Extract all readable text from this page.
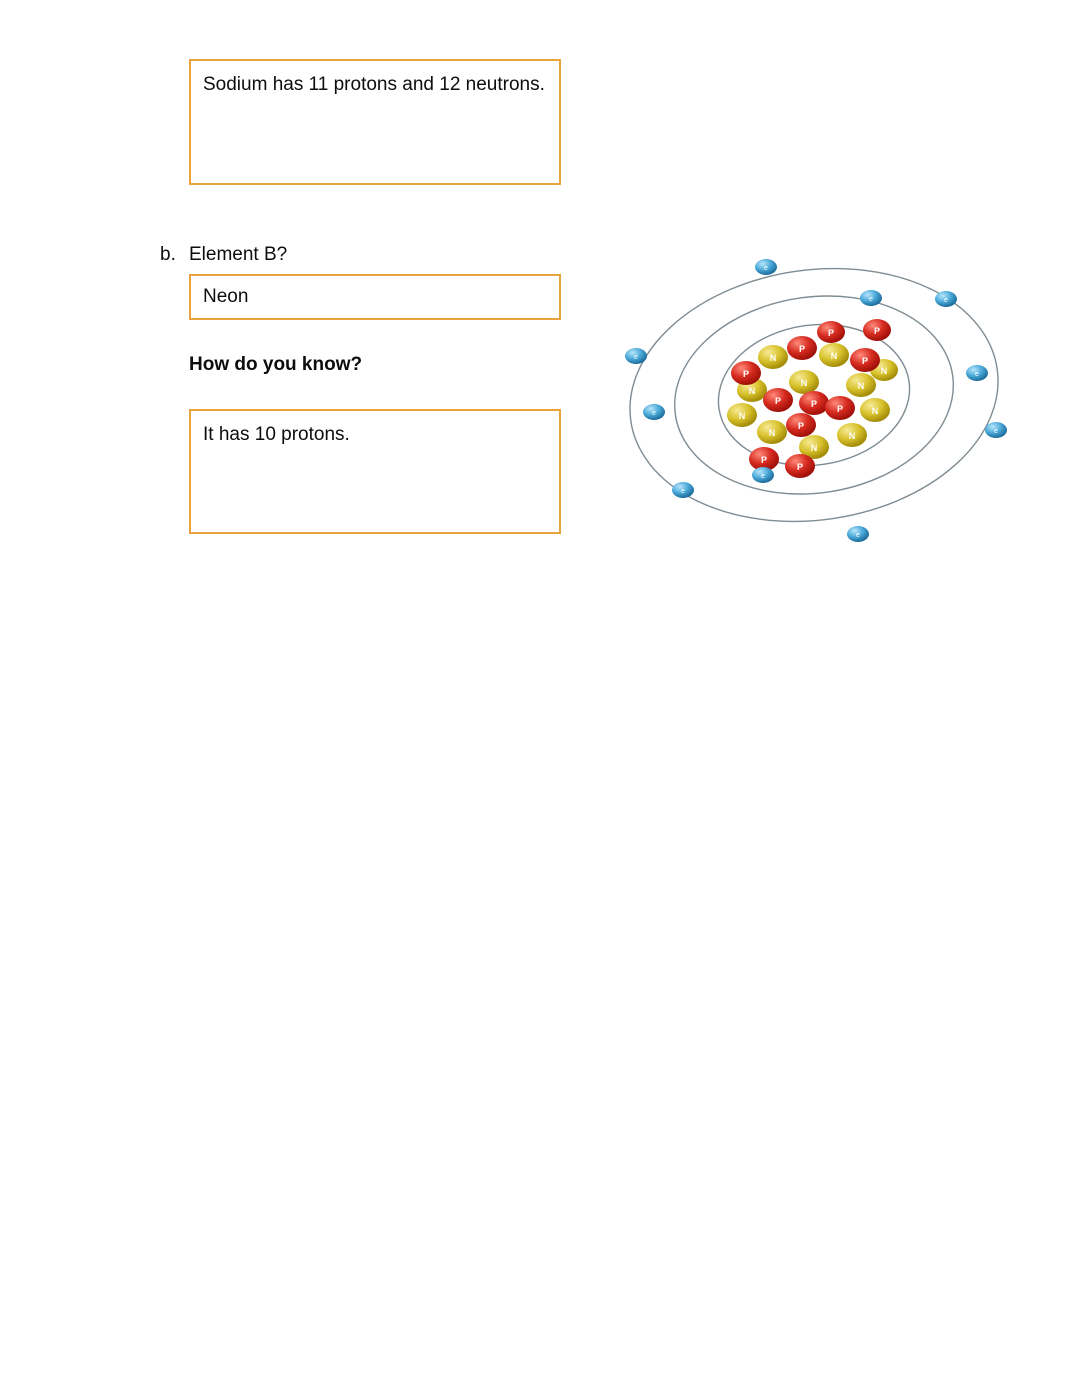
Sodium has 11 protons and 12 neutrons.
b. Element B?
Neon
How do you know?
It has 10 protons.
N	N
N
N
N
N
N
N
N
N
N
P
P
P
P	P P
P
P
P
P
P
e
e	e
e
e
e
e
e
e
e
